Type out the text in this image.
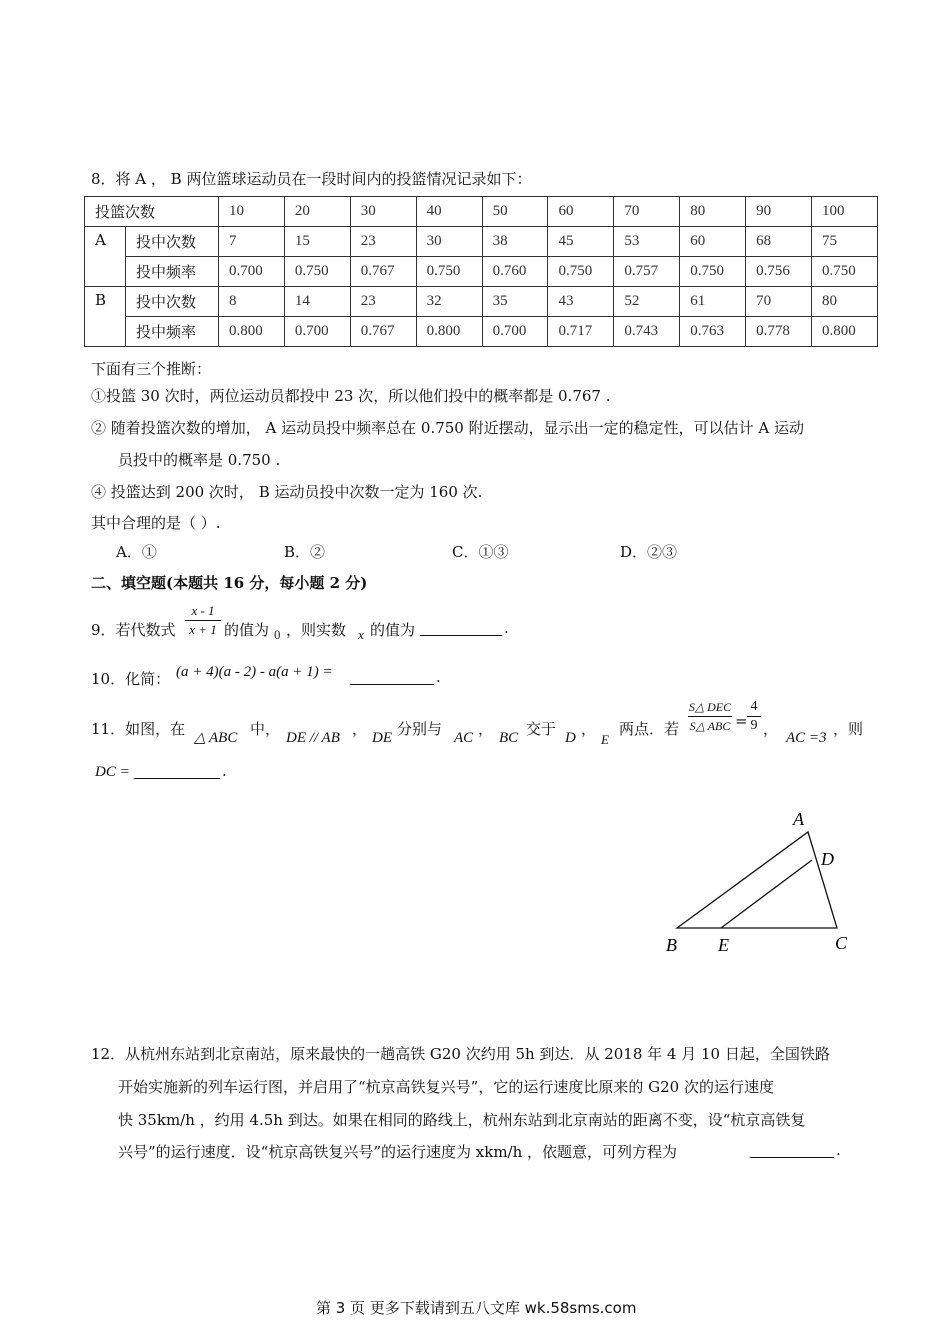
8．将 A ， B 两位篮球运动员在一段时间内的投篮情况记录如下：
投篮次数		10	20	30	40	50	60	70	80	90	100
A	投中次数	7	15	23	30	38	45	53	60	68	75
	投中频率	0.700	0.750	0.767	0.750	0.760	0.750	0.757	0.750	0.756	0.750
B	投中次数	8	14	23	32	35	43	52	61	70	80
	投中频率	0.800	0.700	0.767	0.800	0.700	0.717	0.743	0.763	0.778	0.800
下面有三个推断：
①投篮 30 次时，两位运动员都投中 23 次，所以他们投中的概率都是 0.767 .
② 随着投篮次数的增加， A 运动员投中频率总在 0.750 附近摆动，显示出一定的稳定性，可以估计 A 运动
员投中的概率是 0.750 .
④ 投篮达到 200 次时， B 运动员投中次数一定为 160 次.
其中合理的是（ ）.
A．①	B．②	C．①③	D．②③
二、填空题(本题共 16 分，每小题 2 分)
9．若代数式
x - 1
x + 1 的值为 0 ，则实数 x 的值为	.
10．化简： (a + 4)(a - 2) - a(a + 1) =	.
11．如图，在 △ ABC 中， DE // AB ， DE 分别与 AC ， BC 交于 D ，
E
两点．若
S△ DEC
S△ ABC =
4
9 ， AC =3 ，则
DC =	.
A
D
B E	C
12．从杭州东站到北京南站，原来最快的一趟高铁 G20 次约用 5h 到达．从 2018 年 4 月 10 日起，全国铁路
开始实施新的列车运行图，并启用了“杭京高铁复兴号”，它的运行速度比原来的 G20 次的运行速度
快 35km/h ，约用 4.5h 到达。如果在相同的路线上，杭州东站到北京南站的距离不变，设“杭京高铁复
兴号”的运行速度．设“杭京高铁复兴号”的运行速度为 xkm/h ，依题意，可列方程为	.
第 3 页 更多下载请到五八文库 wk.58sms.com
